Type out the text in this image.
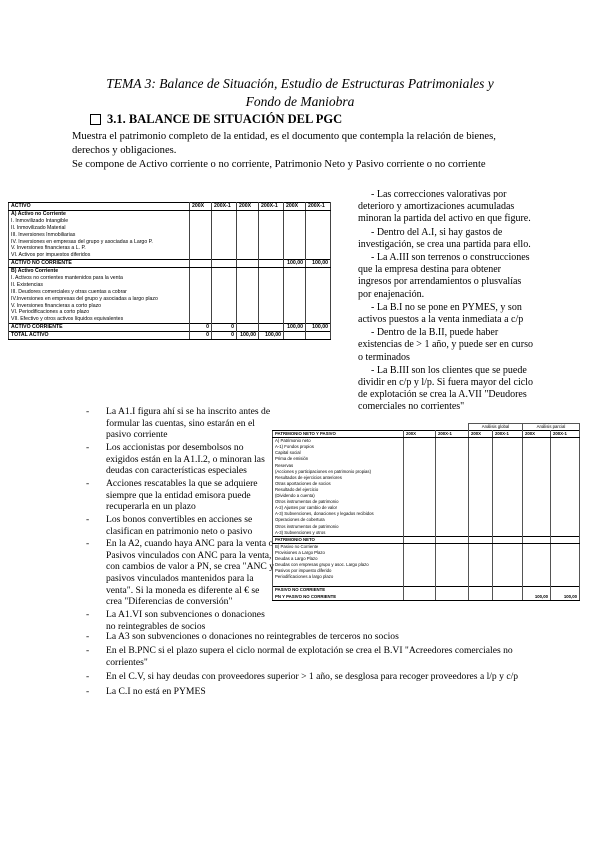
TEMA 3: Balance de Situación, Estudio de Estructuras Patrimoniales y
Fondo de Maniobra
3.1. BALANCE DE SITUACIÓN DEL PGC

Muestra el patrimonio completo de la entidad, es el documento que contempla la relación de bienes,

derechos y obligaciones.

Se compone de Activo corriente o no corriente, Patrimonio Neto y Pasivo corriente o no corriente

ACTIVO	200X	200X-1	200X	200X-1	200X	200X-1
A) Activo no Corriente						
I. Inmovilizado Intangible						
II. Inmovilizado Material						
III. Inversiones Inmobiliarias						
IV. Inversiones en empresas del grupo y asociadas a Largo P.						
V. Inversiones financieras a L. P.						
VI. Activos por impuestos diferidos						
ACTIVO NO CORRIENTE					100,00	100,00
B) Activo Corriente						
I. Activos no corrientes mantenidos para la venta						
II. Existencias						
III. Deudores comerciales y otras cuentas a cobrar						
IV.Inversiones en empresas del grupo y asociadas a largo plazo						
V. Inversiones financieras a corto plazo						
VI. Periodificaciones a corto plazo						
VII. Efectivo y otros activos líquidos equivalentes						
ACTIVO CORRIENTE	0	0			100,00	100,00
TOTAL ACTIVO	0	0	100,00	100,00		

- Las correcciones valorativas por deterioro y amortizaciones acumuladas minoran la partida del activo en que figure.

- Dentro del A.I, si hay gastos de investigación, se crea una partida para ello.

- La A.III son terrenos o construcciones que la empresa destina para obtener ingresos por arrendamientos o plusvalías por enajenación.

- La B.I no se pone en PYMES, y son activos puestos a la venta inmediata a c/p

- Dentro de la B.II, puede haber existencias de > 1 año, y puede ser en curso o terminados

- La B.III son los clientes que se puede dividir en c/p y l/p. Si fuera mayor del ciclo de explotación se crea la A.VII "Deudores comerciales no corrientes"

-	La A1.I figura ahí si se ha inscrito antes de formular las cuentas, sino estarán en el pasivo corriente
-	Los accionistas por desembolsos no exigidos están en la A1.I.2, o minoran las deudas con características especiales
-	Acciones rescatables la que se adquiere siempre que la entidad emisora puede recuperarla en un plazo
-	Los bonos convertibles en acciones se clasifican en patrimonio neto o pasivo
-	En la A2, cuando haya ANC para la venta o Pasivos vinculados con ANC para la venta, con cambios de valor a PN, se crea "ANC y pasivos vinculados mantenidos para la venta". Si la moneda es diferente al € se crea "Diferencias de conversión"
-	La A1.VI son subvenciones o donaciones no reintegrables de socios
			Análisis global		Análisis parcial	
PATRIMONIO NETO Y PASIVO	200X	200X-1	200X	200X-1	200X	200X-1
A) Patrimonio neto						
A-1) Fondos propios						
Capital social						
Prima de emisión						
Reservas						
(Acciones y participaciones en patrimonio propias)						
Resultados de ejercicios anteriores						
Otras aportaciones de socios						
Resultado del ejercicio						
(Dividendo a cuenta)						
Otros instrumentos de patrimonio						
A-2) Ajustes por cambio de valor						
A-3) Subvenciones, donaciones y legados recibidos						
Operaciones de cobertura						
Otros instrumentos de patrimonio						
A-3) Subvenciones y otros						
PATRIMONIO NETO						
B) Pasivo no Corriente						
Provisiones a Largo Plazo						
Deudas a Largo Plazo						
Deudas con empresas grupo y asoc. Largo plazo						
Pasivos por impuesto diferido						
Periodificaciones a largo plazo						

PASIVO NO CORRIENTE						
PN Y PASIVO NO CORRIENTE					100,00	100,00
-	La A3 son subvenciones o donaciones no reintegrables de terceros no socios
-	En el B.PNC si el plazo supera el ciclo normal de explotación se crea el B.VI "Acreedores comerciales no corrientes"
-	En el C.V, si hay deudas con proveedores superior > 1 año, se desglosa para recoger proveedores a l/p y c/p
-	La C.I no está en PYMES
